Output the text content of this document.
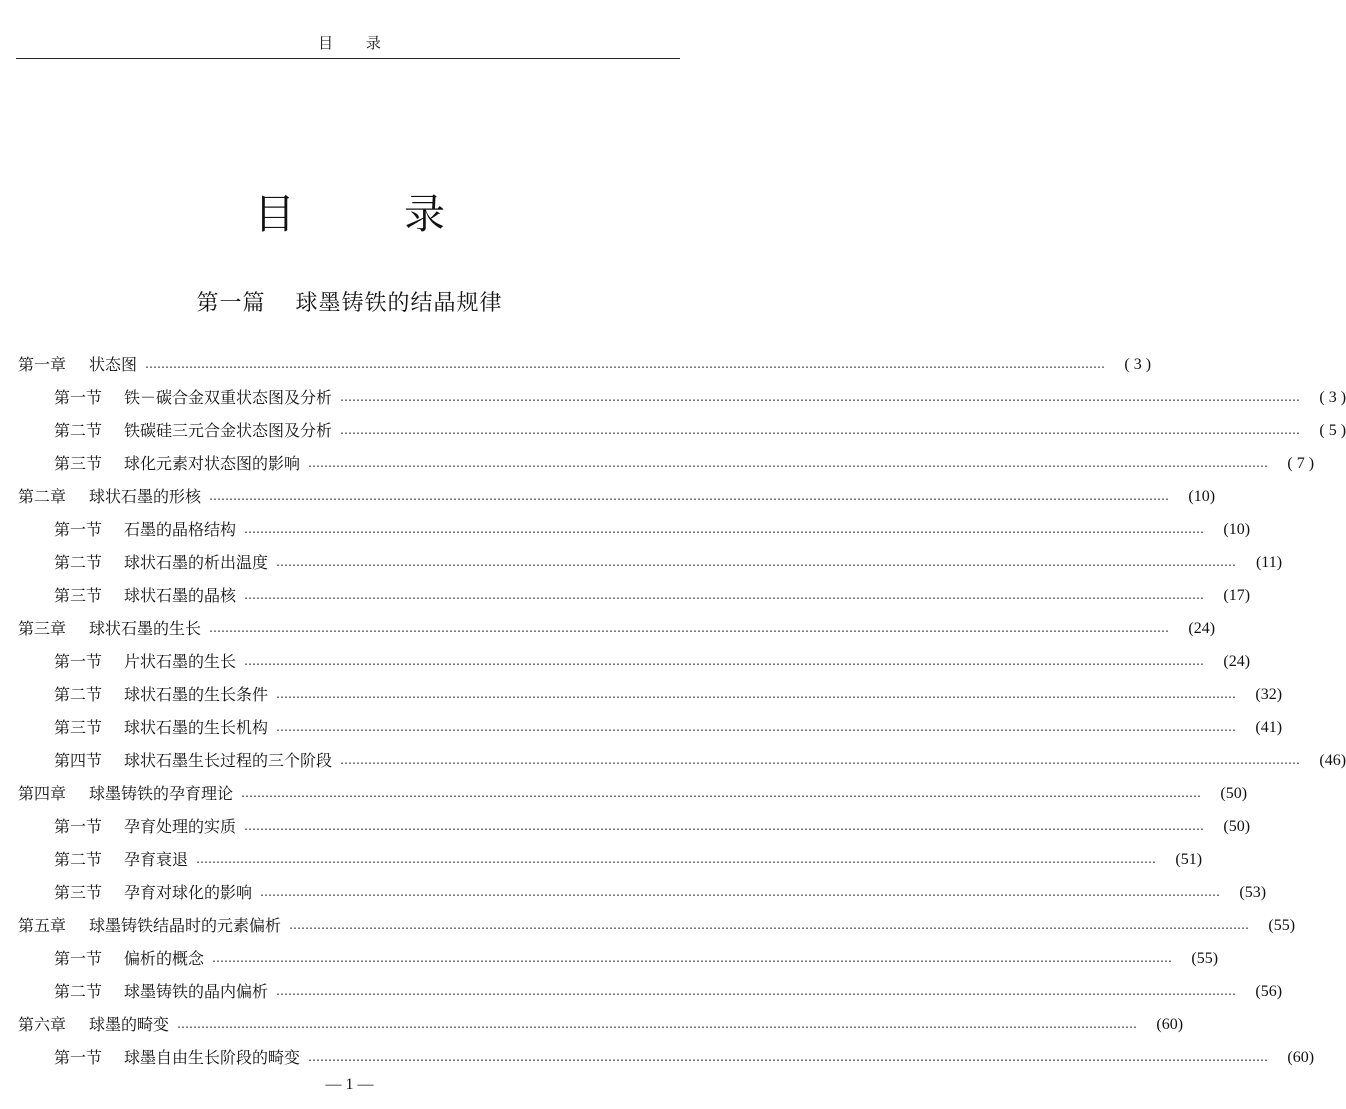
目 录
目 录
第一篇 球墨铸铁的结晶规律
第一章	状态图 ……………………………………………………………………………………………………………………………………………………………………………………………………………………	( 3 )
第一节	铁－碳合金双重状态图及分析 ……………………………………………………………………………………………………………………………………………………………………………………………………………………	( 3 )
第二节	铁碳硅三元合金状态图及分析 ……………………………………………………………………………………………………………………………………………………………………………………………………………………	( 5 )
第三节	球化元素对状态图的影响 ……………………………………………………………………………………………………………………………………………………………………………………………………………………	( 7 )
第二章	球状石墨的形核 ……………………………………………………………………………………………………………………………………………………………………………………………………………………	(10)
第一节	石墨的晶格结构 ……………………………………………………………………………………………………………………………………………………………………………………………………………………	(10)
第二节	球状石墨的析出温度 ……………………………………………………………………………………………………………………………………………………………………………………………………………………	(11)
第三节	球状石墨的晶核 ……………………………………………………………………………………………………………………………………………………………………………………………………………………	(17)
第三章	球状石墨的生长 ……………………………………………………………………………………………………………………………………………………………………………………………………………………	(24)
第一节	片状石墨的生长 ……………………………………………………………………………………………………………………………………………………………………………………………………………………	(24)
第二节	球状石墨的生长条件 ……………………………………………………………………………………………………………………………………………………………………………………………………………………	(32)
第三节	球状石墨的生长机构 ……………………………………………………………………………………………………………………………………………………………………………………………………………………	(41)
第四节	球状石墨生长过程的三个阶段 ……………………………………………………………………………………………………………………………………………………………………………………………………………………	(46)
第四章	球墨铸铁的孕育理论 ……………………………………………………………………………………………………………………………………………………………………………………………………………………	(50)
第一节	孕育处理的实质 ……………………………………………………………………………………………………………………………………………………………………………………………………………………	(50)
第二节	孕育衰退 ……………………………………………………………………………………………………………………………………………………………………………………………………………………	(51)
第三节	孕育对球化的影响 ……………………………………………………………………………………………………………………………………………………………………………………………………………………	(53)
第五章	球墨铸铁结晶时的元素偏析 ……………………………………………………………………………………………………………………………………………………………………………………………………………………	(55)
第一节	偏析的概念 ……………………………………………………………………………………………………………………………………………………………………………………………………………………	(55)
第二节	球墨铸铁的晶内偏析 ……………………………………………………………………………………………………………………………………………………………………………………………………………………	(56)
第六章	球墨的畸变 ……………………………………………………………………………………………………………………………………………………………………………………………………………………	(60)
第一节	球墨自由生长阶段的畸变 ……………………………………………………………………………………………………………………………………………………………………………………………………………………	(60)
— 1 —
